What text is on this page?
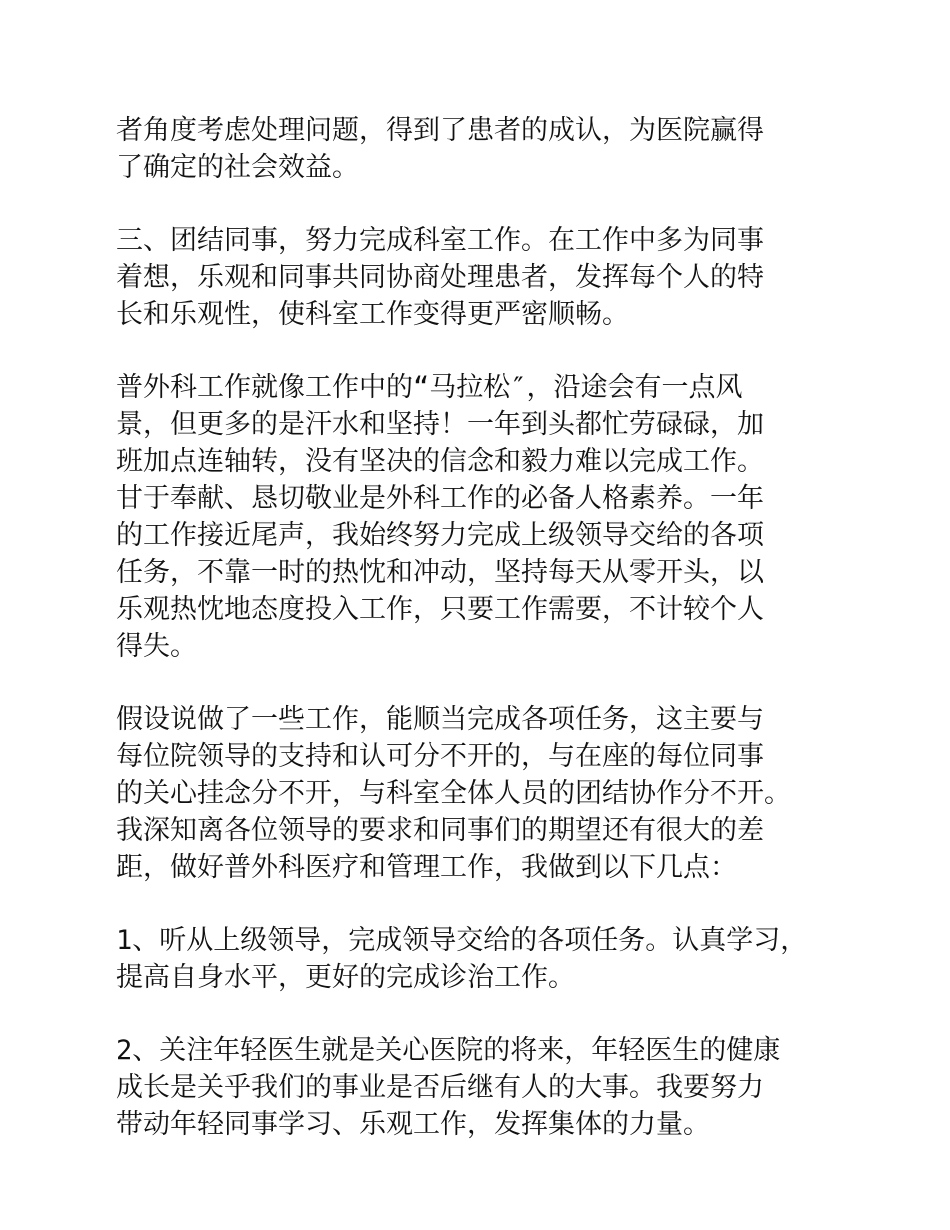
者角度考虑处理问题，得到了患者的成认，为医院赢得
了确定的社会效益。

三、团结同事，努力完成科室工作。在工作中多为同事
着想，乐观和同事共同协商处理患者，发挥每个人的特
长和乐观性，使科室工作变得更严密顺畅。

普外科工作就像工作中的“马拉松″，沿途会有一点风
景，但更多的是汗水和坚持！一年到头都忙劳碌碌，加
班加点连轴转，没有坚决的信念和毅力难以完成工作。
甘于奉献、恳切敬业是外科工作的必备人格素养。一年
的工作接近尾声，我始终努力完成上级领导交给的各项
任务，不靠一时的热忱和冲动，坚持每天从零开头，以
乐观热忱地态度投入工作，只要工作需要，不计较个人
得失。

假设说做了一些工作，能顺当完成各项任务，这主要与
每位院领导的支持和认可分不开的，与在座的每位同事
的关心挂念分不开，与科室全体人员的团结协作分不开。
我深知离各位领导的要求和同事们的期望还有很大的差
距，做好普外科医疗和管理工作，我做到以下几点：

1、听从上级领导，完成领导交给的各项任务。认真学习，
提高自身水平，更好的完成诊治工作。

2、关注年轻医生就是关心医院的将来，年轻医生的健康
成长是关乎我们的事业是否后继有人的大事。我要努力
带动年轻同事学习、乐观工作，发挥集体的力量。
